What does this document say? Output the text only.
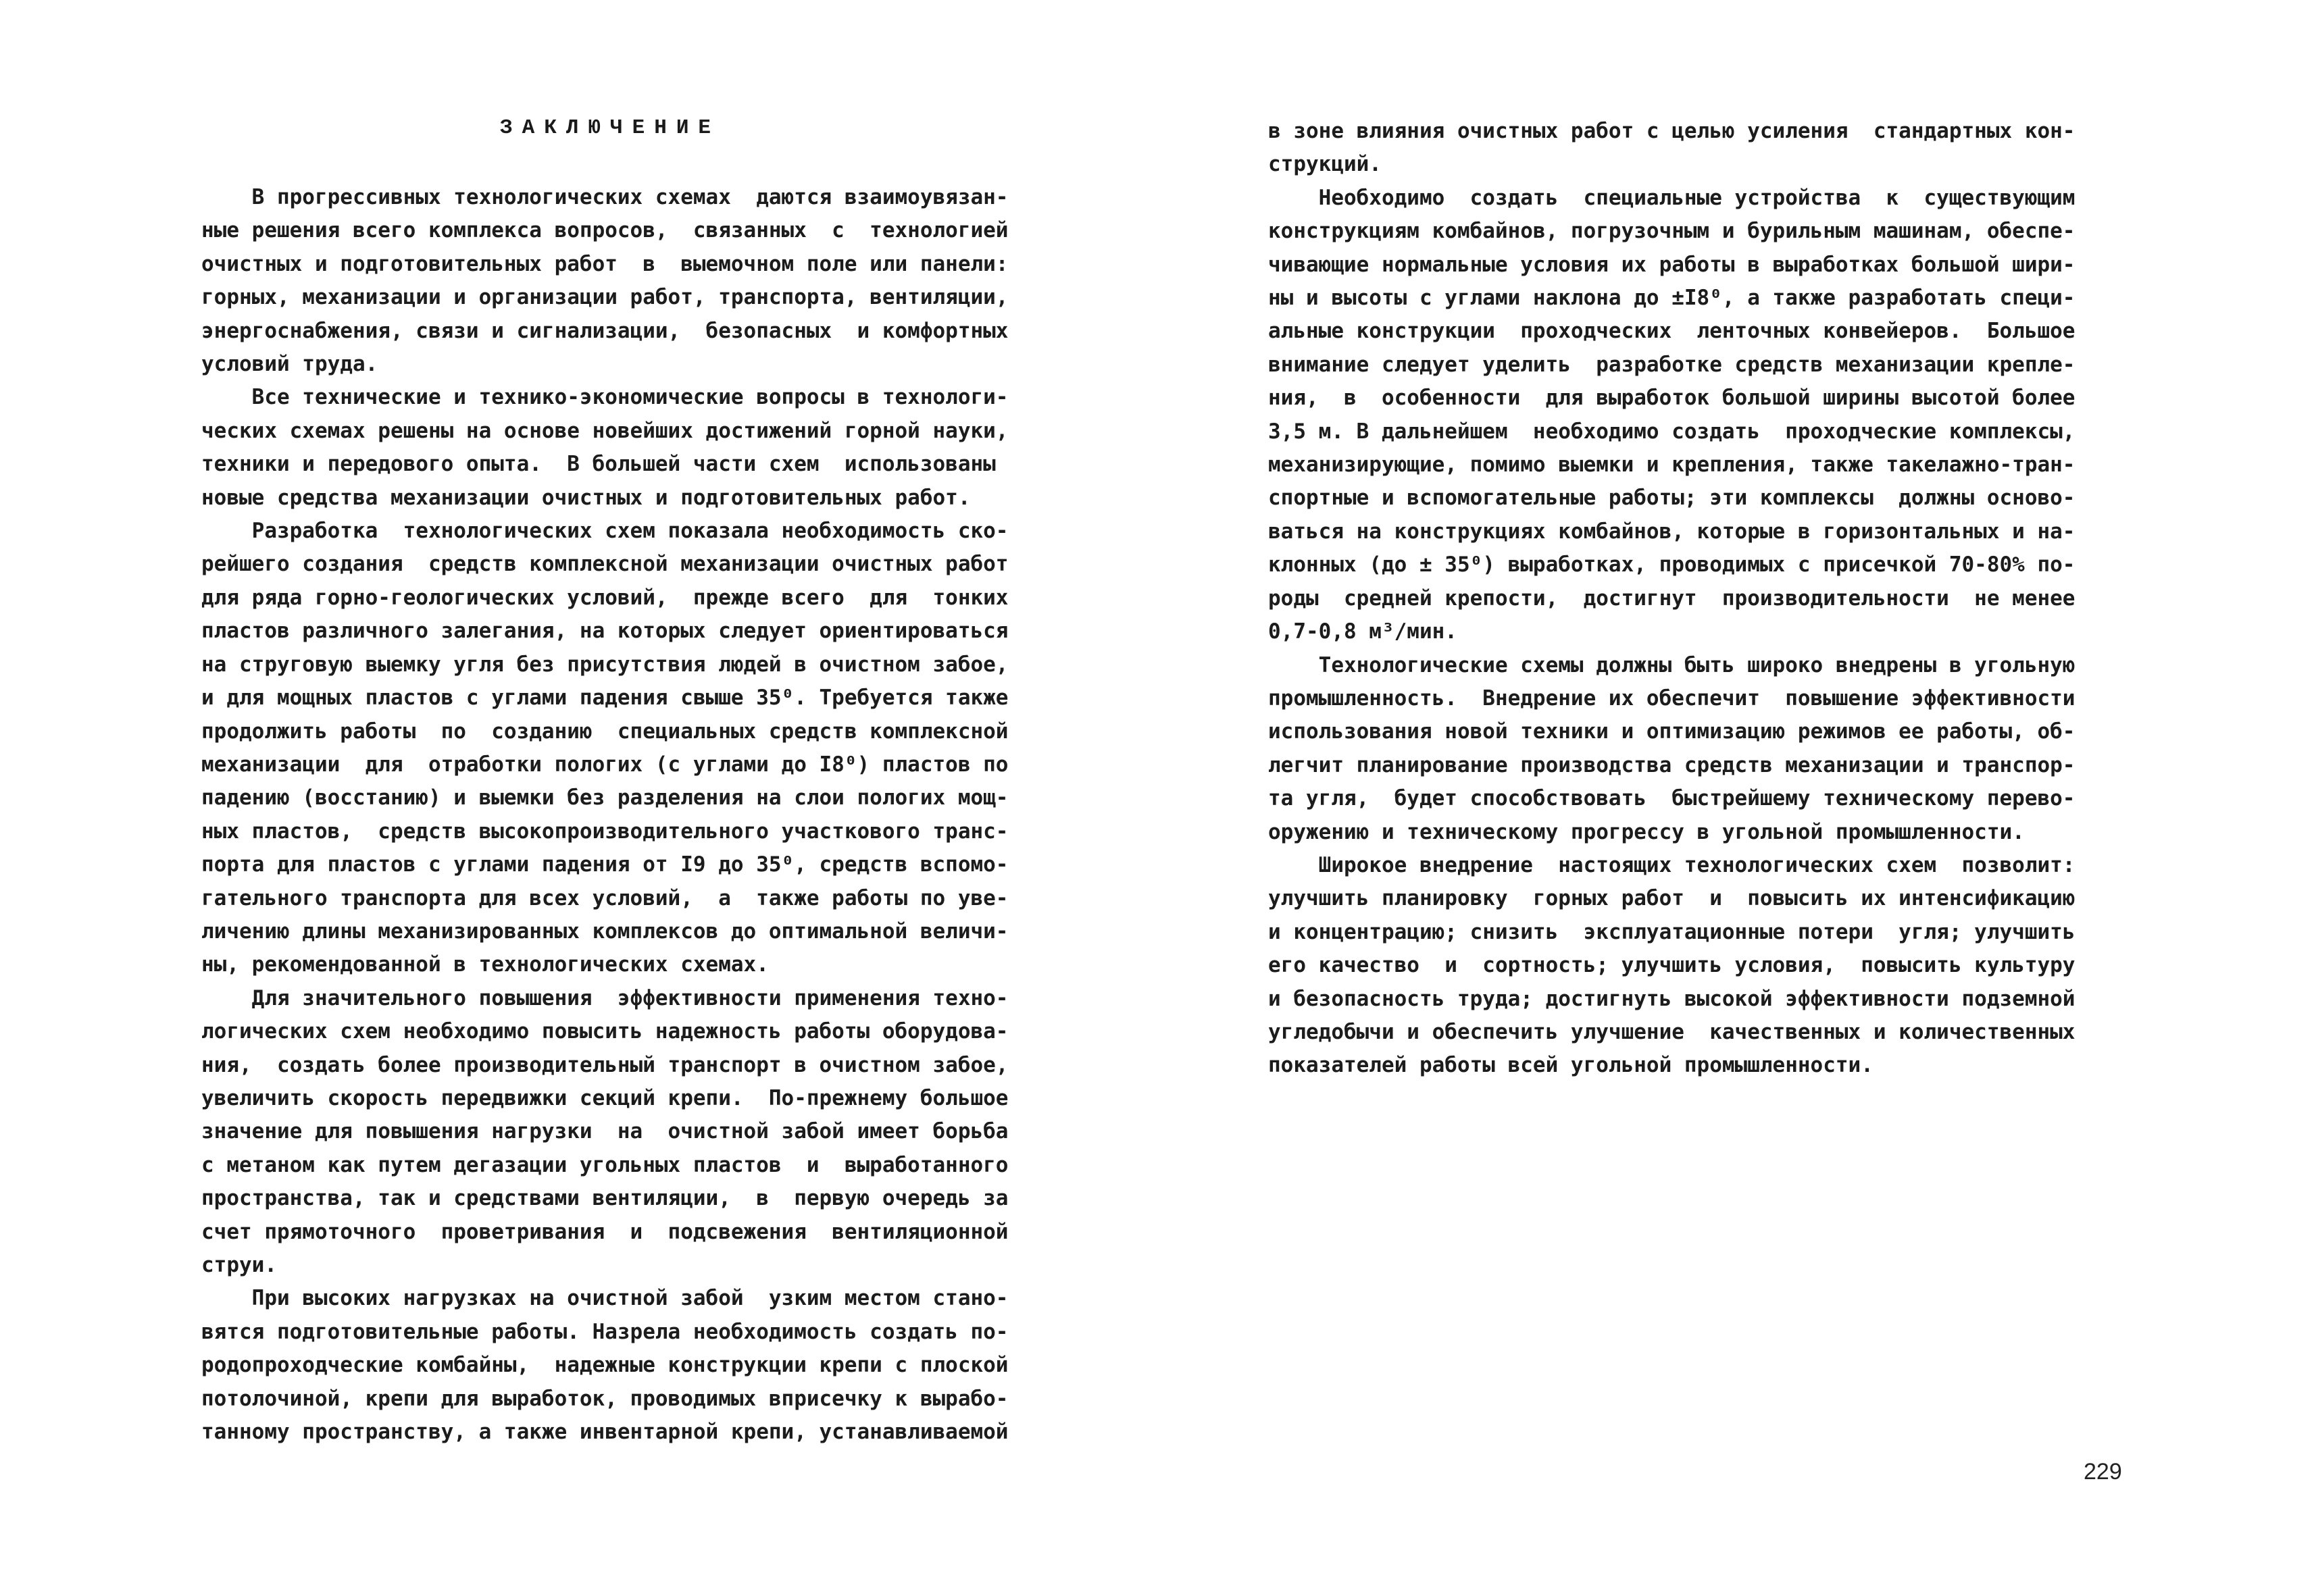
ЗАКЛЮЧЕНИЕ
В прогрессивных технологических схемах  даются взаимоувязан-
ные решения всего комплекса вопросов,  связанных  с  технологией
очистных и подготовительных работ  в  выемочном поле или панели:
горных, механизации и организации работ, транспорта, вентиляции,
энергоснабжения, связи и сигнализации,  безопасных  и комфортных
условий труда.
Все технические и технико-экономические вопросы в технологи-
ческих схемах решены на основе новейших достижений горной науки,
техники и передового опыта.  В большей части схем  использованы
новые средства механизации очистных и подготовительных работ.
Разработка  технологических схем показала необходимость ско-
рейшего создания  средств комплексной механизации очистных работ
для ряда горно-геологических условий,  прежде всего  для  тонких
пластов различного залегания, на которых следует ориентироваться
на струговую выемку угля без присутствия людей в очистном забое,
и для мощных пластов с углами падения свыше 35⁰. Требуется также
продолжить работы  по  созданию  специальных средств комплексной
механизации  для  отработки пологих (с углами до I8⁰) пластов по
падению (восстанию) и выемки без разделения на слои пологих мощ-
ных пластов,  средств высокопроизводительного участкового транс-
порта для пластов с углами падения от I9 до 35⁰, средств вспомо-
гательного транспорта для всех условий,  а  также работы по уве-
личению длины механизированных комплексов до оптимальной величи-
ны, рекомендованной в технологических схемах.
Для значительного повышения  эффективности применения техно-
логических схем необходимо повысить надежность работы оборудова-
ния,  создать более производительный транспорт в очистном забое,
увеличить скорость передвижки секций крепи.  По-прежнему большое
значение для повышения нагрузки  на  очистной забой имеет борьба
с метаном как путем дегазации угольных пластов  и  выработанного
пространства, так и средствами вентиляции,  в  первую очередь за
счет прямоточного  проветривания  и  подсвежения  вентиляционной
струи.
При высоких нагрузках на очистной забой  узким местом стано-
вятся подготовительные работы. Назрела необходимость создать по-
родопроходческие комбайны,  надежные конструкции крепи с плоской
потолочиной, крепи для выработок, проводимых вприсечку к вырабо-
танному пространству, а также инвентарной крепи, устанавливаемой
в зоне влияния очистных работ с целью усиления  стандартных кон-
струкций.
Необходимо  создать  специальные устройства  к  существующим
конструкциям комбайнов, погрузочным и бурильным машинам, обеспе-
чивающие нормальные условия их работы в выработках большой шири-
ны и высоты с углами наклона до ±I8⁰, а также разработать специ-
альные конструкции  проходческих  ленточных конвейеров.  Большое
внимание следует уделить  разработке средств механизации крепле-
ния,  в  особенности  для выработок большой ширины высотой более
3,5 м. В дальнейшем  необходимо создать  проходческие комплексы,
механизирующие, помимо выемки и крепления, также такелажно-тран-
спортные и вспомогательные работы; эти комплексы  должны осново-
ваться на конструкциях комбайнов, которые в горизонтальных и на-
клонных (до ± 35⁰) выработках, проводимых с присечкой 70-80% по-
роды  средней крепости,  достигнут  производительности  не менее
0,7-0,8 м³/мин.
Технологические схемы должны быть широко внедрены в угольную
промышленность.  Внедрение их обеспечит  повышение эффективности
использования новой техники и оптимизацию режимов ее работы, об-
легчит планирование производства средств механизации и транспор-
та угля,  будет способствовать  быстрейшему техническому перево-
оружению и техническому прогрессу в угольной промышленности.
Широкое внедрение  настоящих технологических схем  позволит:
улучшить планировку  горных работ  и  повысить их интенсификацию
и концентрацию; снизить  эксплуатационные потери  угля; улучшить
его качество  и  сортность; улучшить условия,  повысить культуру
и безопасность труда; достигнуть высокой эффективности подземной
угледобычи и обеспечить улучшение  качественных и количественных
показателей работы всей угольной промышленности.
229
